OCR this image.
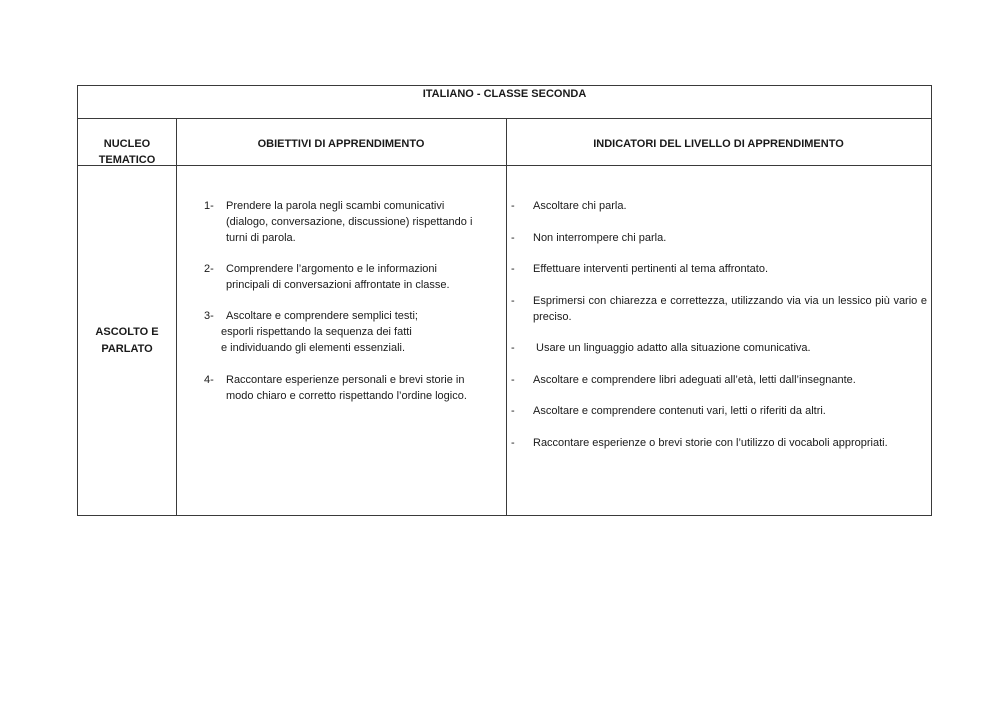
ITALIANO - CLASSE SECONDA
NUCLEO
TEMATICO
OBIETTIVI DI APPRENDIMENTO	INDICATORI DEL LIVELLO DI APPRENDIMENTO
ASCOLTO E
PARLATO
1- Prendere la parola negli scambi comunicativi
(dialogo, conversazione, discussione) rispettando i
turni di parola.
2- Comprendere l’argomento e le informazioni
principali di conversazioni affrontate in classe.
3- Ascoltare e comprendere semplici testi;
esporli rispettando la sequenza dei fatti
e individuando gli elementi essenziali.
4- Raccontare esperienze personali e brevi storie in
modo chiaro e corretto rispettando l’ordine logico.
- Ascoltare chi parla.
- Non interrompere chi parla.
- Effettuare interventi pertinenti al tema affrontato.
- Esprimersi con chiarezza e correttezza, utilizzando via via un lessico più vario e preciso.
- Usare un linguaggio adatto alla situazione comunicativa.
- Ascoltare e comprendere libri adeguati all’età, letti dall’insegnante.
- Ascoltare e comprendere contenuti vari, letti o riferiti da altri.
- Raccontare esperienze o brevi storie con l’utilizzo di vocaboli appropriati.
